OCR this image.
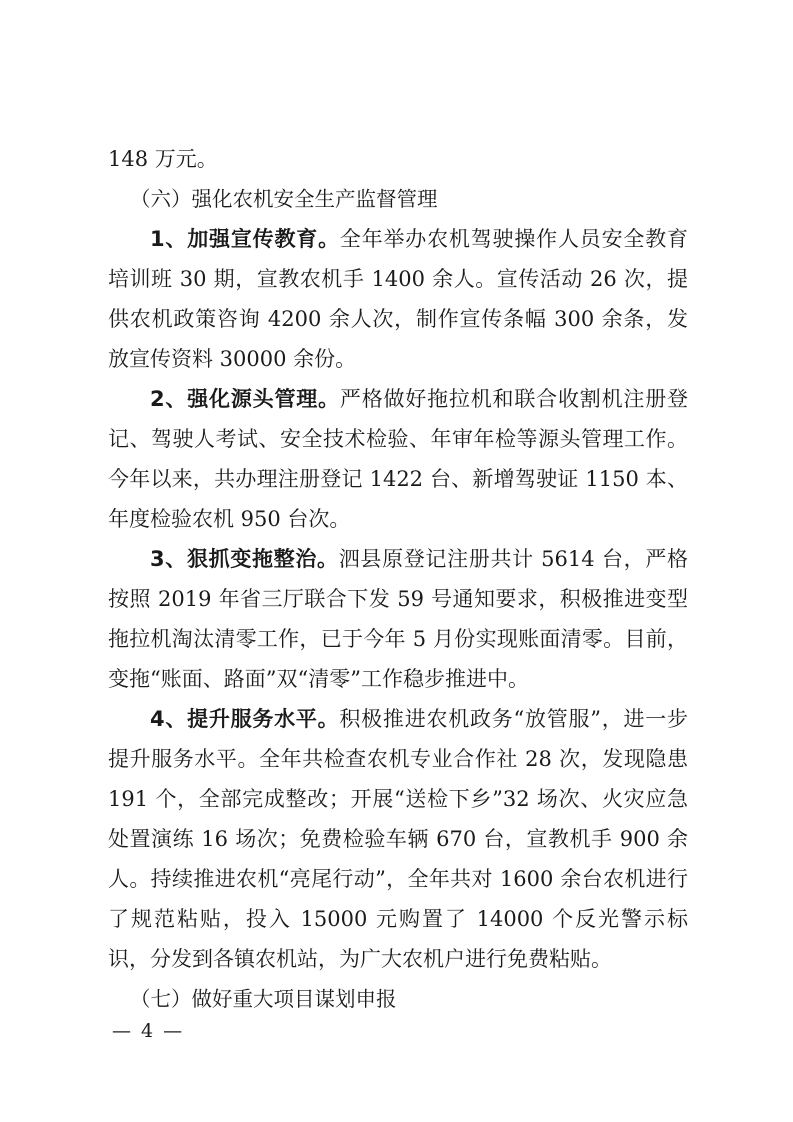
148 万元。

（六）强化农机安全生产监督管理

1、加强宣传教育。全年举办农机驾驶操作人员安全教育培训班 30 期，宣教农机手 1400 余人。宣传活动 26 次，提供农机政策咨询 4200 余人次，制作宣传条幅 300 余条，发放宣传资料 30000 余份。

2、强化源头管理。严格做好拖拉机和联合收割机注册登记、驾驶人考试、安全技术检验、年审年检等源头管理工作。今年以来，共办理注册登记 1422 台、新增驾驶证 1150 本、年度检验农机 950 台次。

3、狠抓变拖整治。泗县原登记注册共计 5614 台，严格按照 2019 年省三厅联合下发 59 号通知要求，积极推进变型拖拉机淘汰清零工作，已于今年 5 月份实现账面清零。目前，变拖“账面、路面”双“清零”工作稳步推进中。

4、提升服务水平。积极推进农机政务“放管服”，进一步提升服务水平。全年共检查农机专业合作社 28 次，发现隐患 191 个，全部完成整改；开展“送检下乡”32 场次、火灾应急处置演练 16 场次；免费检验车辆 670 台，宣教机手 900 余人。持续推进农机“亮尾行动”，全年共对 1600 余台农机进行了规范粘贴，投入 15000 元购置了 14000 个反光警示标识，分发到各镇农机站，为广大农机户进行免费粘贴。

（七）做好重大项目谋划申报

— 4 —
